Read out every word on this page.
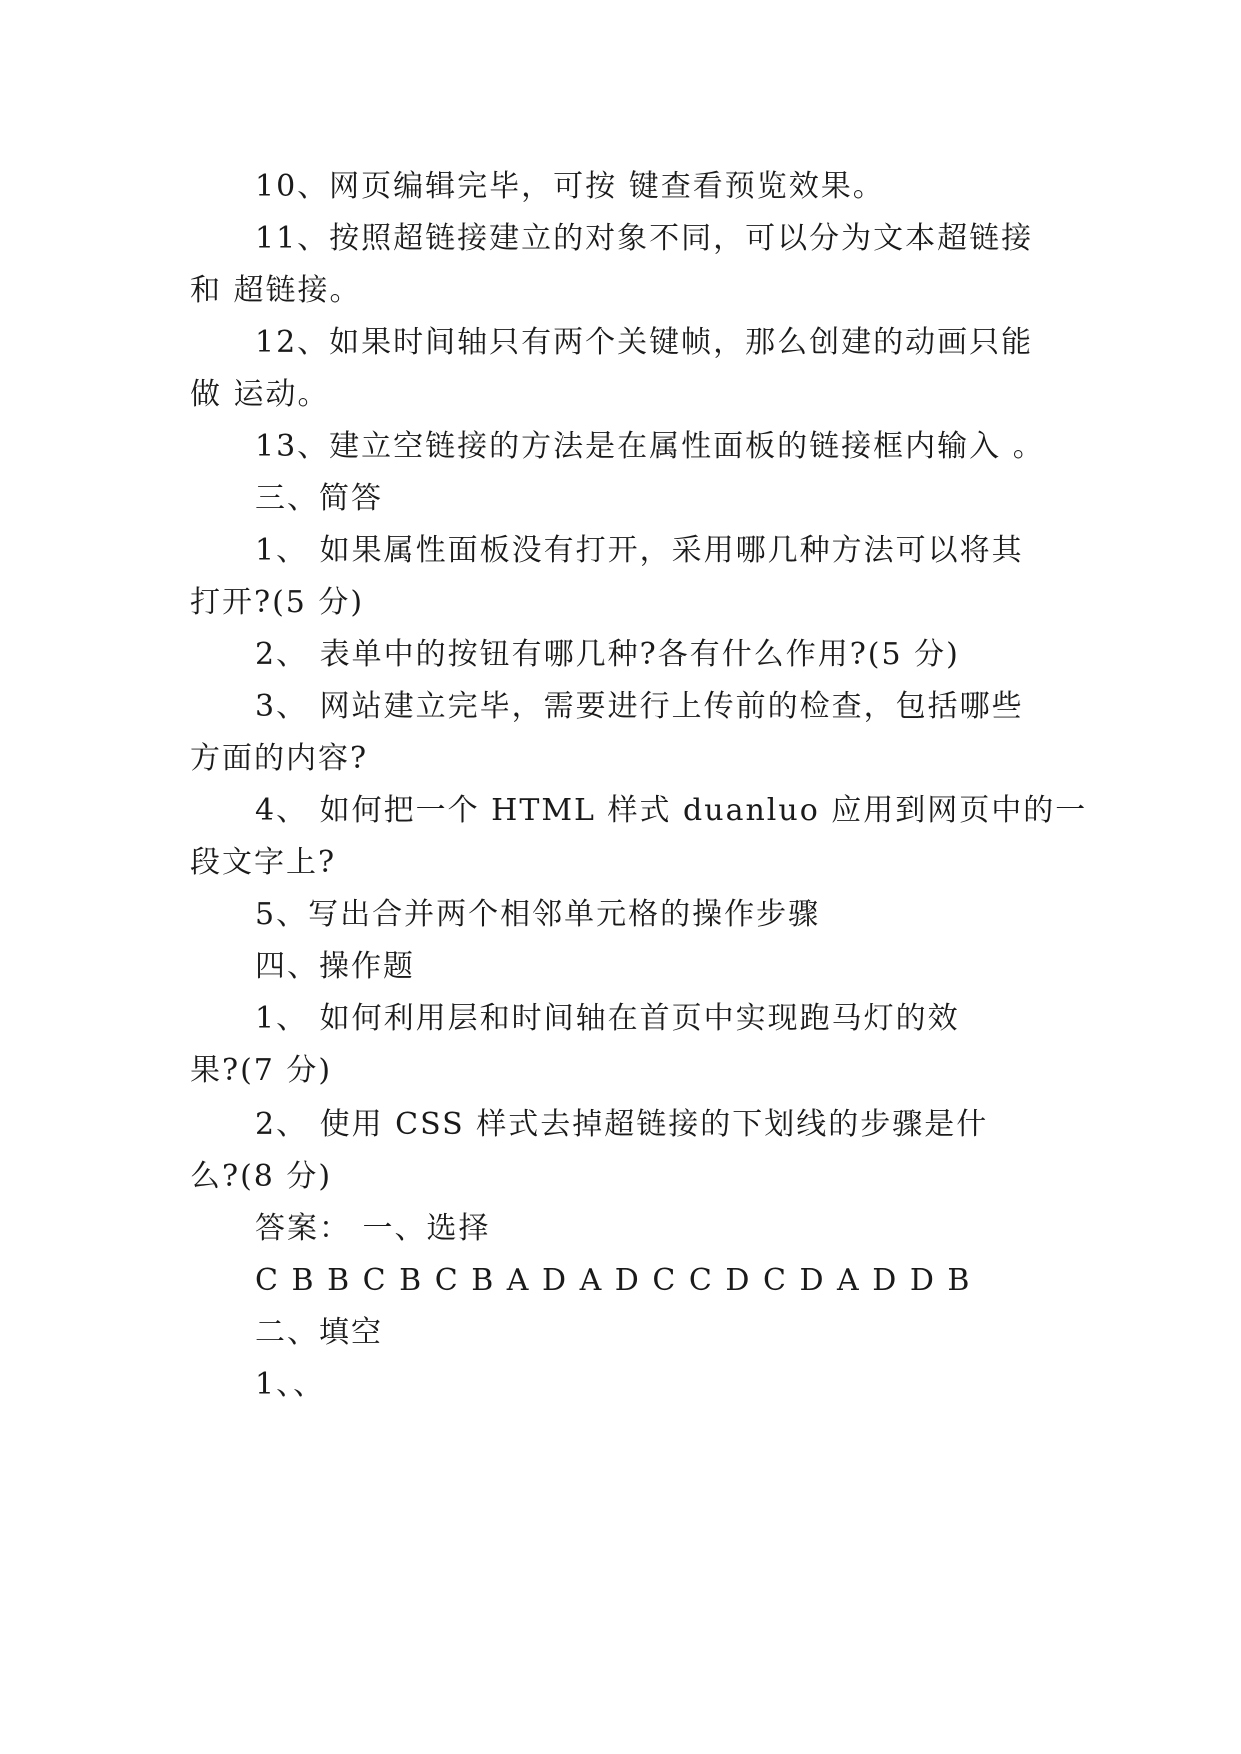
10、网页编辑完毕，可按 键查看预览效果。
11、按照超链接建立的对象不同，可以分为文本超链接
和 超链接。
12、如果时间轴只有两个关键帧，那么创建的动画只能
做 运动。
13、建立空链接的方法是在属性面板的链接框内输入 。
三、简答
1、 如果属性面板没有打开，采用哪几种方法可以将其
打开?(5 分)
2、 表单中的按钮有哪几种?各有什么作用?(5 分)
3、 网站建立完毕，需要进行上传前的检查，包括哪些
方面的内容?
4、 如何把一个 HTML 样式 duanluo 应用到网页中的一
段文字上?
5、写出合并两个相邻单元格的操作步骤
四、操作题
1、 如何利用层和时间轴在首页中实现跑马灯的效
果?(7 分)
2、 使用 CSS 样式去掉超链接的下划线的步骤是什
么?(8 分)
答案： 一、选择
C B B C B C B A D A D C C D C D A D D B
二、填空
1、、
